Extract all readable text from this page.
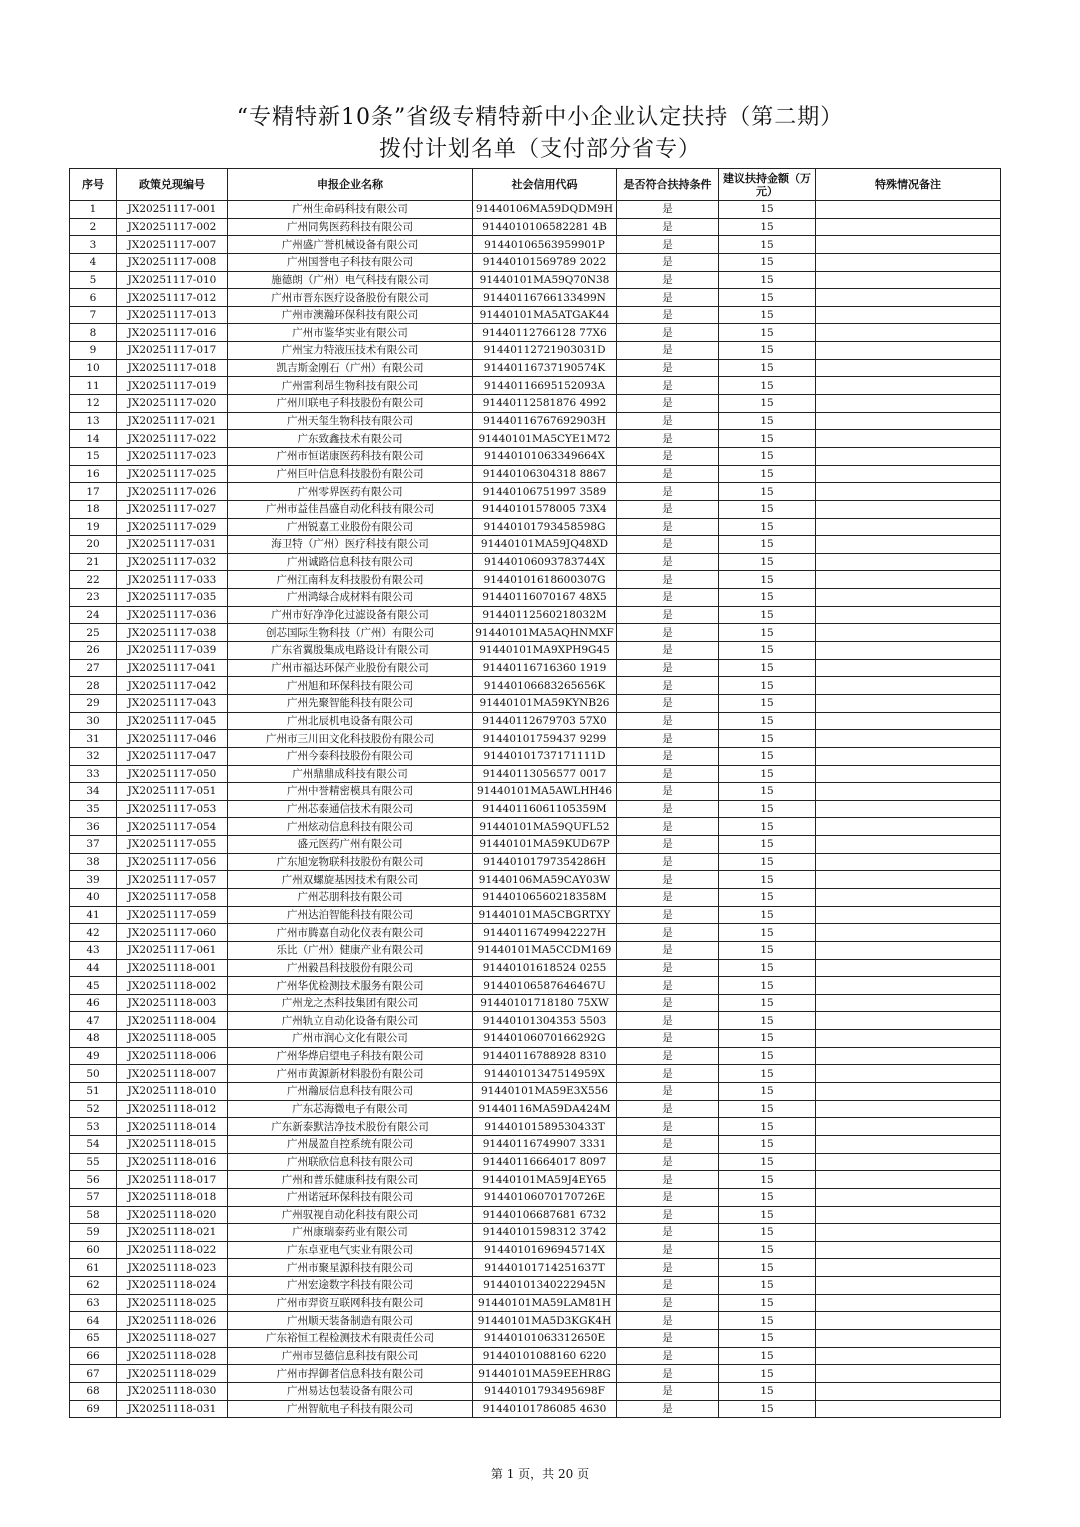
“专精特新10条”省级专精特新中小企业认定扶持（第二期）
拨付计划名单（支付部分省专）
序号	政策兑现编号	申报企业名称	社会信用代码	是否符合扶持条件	建议扶持金额（万元）	特殊情况备注
1	JX20251117-001	广州生命码科技有限公司	91440106MA59DQDM9H	是	15	
2	JX20251117-002	广州同隽医药科技有限公司	9144010106582281 4B	是	15	
3	JX20251117-007	广州盛广誉机械设备有限公司	91440106563959901P	是	15	
4	JX20251117-008	广州国誉电子科技有限公司	91440101569789 2022	是	15	
5	JX20251117-010	施德朗（广州）电气科技有限公司	91440101MA59Q70N38	是	15	
6	JX20251117-012	广州市晋东医疗设备股份有限公司	91440116766133499N	是	15	
7	JX20251117-013	广州市澳瀚环保科技有限公司	91440101MA5ATGAK44	是	15	
8	JX20251117-016	广州市鉴华实业有限公司	91440112766128 77X6	是	15	
9	JX20251117-017	广州宝力特液压技术有限公司	91440112721903031D	是	15	
10	JX20251117-018	凯吉斯金刚石（广州）有限公司	91440116737190574K	是	15	
11	JX20251117-019	广州雷利昂生物科技有限公司	91440116695152093A	是	15	
12	JX20251117-020	广州川联电子科技股份有限公司	91440112581876 4992	是	15	
13	JX20251117-021	广州天玺生物科技有限公司	91440116767692903H	是	15	
14	JX20251117-022	广东致鑫技术有限公司	91440101MA5CYE1M72	是	15	
15	JX20251117-023	广州市恒诺康医药科技有限公司	91440101063349664X	是	15	
16	JX20251117-025	广州巨叶信息科技股份有限公司	91440106304318 8867	是	15	
17	JX20251117-026	广州零界医药有限公司	91440106751997 3589	是	15	
18	JX20251117-027	广州市益佳昌盛自动化科技有限公司	91440101578005 73X4	是	15	
19	JX20251117-029	广州锐嘉工业股份有限公司	91440101793458598G	是	15	
20	JX20251117-031	海卫特（广州）医疗科技有限公司	91440101MA59JQ48XD	是	15	
21	JX20251117-032	广州诚路信息科技有限公司	91440106093783744X	是	15	
22	JX20251117-033	广州江南科友科技股份有限公司	91440101618600307G	是	15	
23	JX20251117-035	广州鸿绿合成材料有限公司	91440116070167 48X5	是	15	
24	JX20251117-036	广州市好净净化过滤设备有限公司	91440112560218032M	是	15	
25	JX20251117-038	创芯国际生物科技（广州）有限公司	91440101MA5AQHNMXF	是	15	
26	JX20251117-039	广东省翼殷集成电路设计有限公司	91440101MA9XPH9G45	是	15	
27	JX20251117-041	广州市福达环保产业股份有限公司	91440116716360 1919	是	15	
28	JX20251117-042	广州旭和环保科技有限公司	91440106683265656K	是	15	
29	JX20251117-043	广州先聚智能科技有限公司	91440101MA59KYNB26	是	15	
30	JX20251117-045	广州北辰机电设备有限公司	91440112679703 57X0	是	15	
31	JX20251117-046	广州市三川田文化科技股份有限公司	91440101759437 9299	是	15	
32	JX20251117-047	广州今泰科技股份有限公司	91440101737171111D	是	15	
33	JX20251117-050	广州鼎鼎成科技有限公司	91440113056577 0017	是	15	
34	JX20251117-051	广州中誉精密模具有限公司	91440101MA5AWLHH46	是	15	
35	JX20251117-053	广州芯泰通信技术有限公司	91440116061105359M	是	15	
36	JX20251117-054	广州炫动信息科技有限公司	91440101MA59QUFL52	是	15	
37	JX20251117-055	盛元医药广州有限公司	91440101MA59KUD67P	是	15	
38	JX20251117-056	广东旭宠物联科技股份有限公司	91440101797354286H	是	15	
39	JX20251117-057	广州双螺旋基因技术有限公司	91440106MA59CAY03W	是	15	
40	JX20251117-058	广州芯朋科技有限公司	91440106560218358M	是	15	
41	JX20251117-059	广州达泊智能科技有限公司	91440101MA5CBGRTXY	是	15	
42	JX20251117-060	广州市腾嘉自动化仪表有限公司	91440116749942227H	是	15	
43	JX20251117-061	乐比（广州）健康产业有限公司	91440101MA5CCDM169	是	15	
44	JX20251118-001	广州毅昌科技股份有限公司	91440101618524 0255	是	15	
45	JX20251118-002	广州华优检测技术服务有限公司	91440106587646467U	是	15	
46	JX20251118-003	广州龙之杰科技集团有限公司	91440101718180 75XW	是	15	
47	JX20251118-004	广州轨立自动化设备有限公司	91440101304353 5503	是	15	
48	JX20251118-005	广州市润心文化有限公司	91440106070166292G	是	15	
49	JX20251118-006	广州华烨启望电子科技有限公司	91440116788928 8310	是	15	
50	JX20251118-007	广州市黄源新材料股份有限公司	91440101347514959X	是	15	
51	JX20251118-010	广州瀚辰信息科技有限公司	91440101MA59E3X556	是	15	
52	JX20251118-012	广东芯海微电子有限公司	91440116MA59DA424M	是	15	
53	JX20251118-014	广东新泰默洁净技术股份有限公司	91440101589530433T	是	15	
54	JX20251118-015	广州晟盈自控系统有限公司	91440116749907 3331	是	15	
55	JX20251118-016	广州联欣信息科技有限公司	91440116664017 8097	是	15	
56	JX20251118-017	广州和普乐健康科技有限公司	91440101MA59J4EY65	是	15	
57	JX20251118-018	广州诺冠环保科技有限公司	91440106070170726E	是	15	
58	JX20251118-020	广州驭视自动化科技有限公司	91440106687681 6732	是	15	
59	JX20251118-021	广州康瑞泰药业有限公司	91440101598312 3742	是	15	
60	JX20251118-022	广东卓亚电气实业有限公司	91440101696945714X	是	15	
61	JX20251118-023	广州市聚星源科技有限公司	91440101714251637T	是	15	
62	JX20251118-024	广州宏途数字科技有限公司	91440101340222945N	是	15	
63	JX20251118-025	广州市羿资互联网科技有限公司	91440101MA59LAM81H	是	15	
64	JX20251118-026	广州顺天装备制造有限公司	91440101MA5D3KGK4H	是	15	
65	JX20251118-027	广东裕恒工程检测技术有限责任公司	91440101063312650E	是	15	
66	JX20251118-028	广州市昱德信息科技有限公司	91440101088160 6220	是	15	
67	JX20251118-029	广州市捍御者信息科技有限公司	91440101MA59EEHR8G	是	15	
68	JX20251118-030	广州易达包装设备有限公司	91440101793495698F	是	15	
69	JX20251118-031	广州智航电子科技有限公司	91440101786085 4630	是	15	
第 1 页，共 20 页
